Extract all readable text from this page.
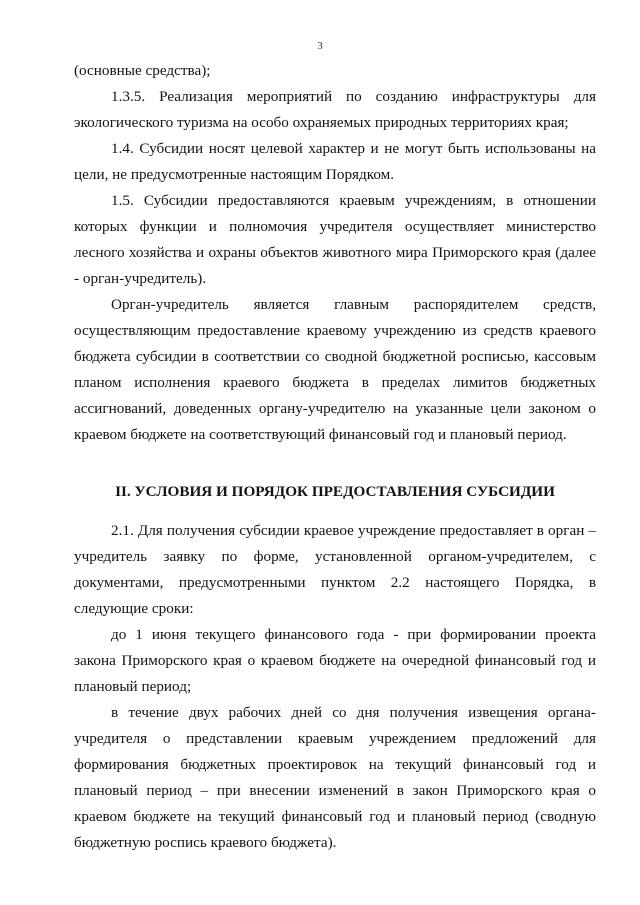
3
(основные средства);
1.3.5. Реализация мероприятий по созданию инфраструктуры для
экологического туризма на особо охраняемых природных территориях края;
1.4. Субсидии носят целевой характер и не могут быть использованы на
цели, не предусмотренные настоящим Порядком.
1.5. Субсидии предоставляются краевым учреждениям, в отношении
которых функции и полномочия учредителя осуществляет министерство
лесного хозяйства и охраны объектов животного мира Приморского края (далее
- орган-учредитель).
Орган-учредитель является главным распорядителем средств,
осуществляющим предоставление краевому учреждению из средств краевого
бюджета субсидии в соответствии со сводной бюджетной росписью, кассовым
планом исполнения краевого бюджета в пределах лимитов бюджетных
ассигнований, доведенных органу-учредителю на указанные цели законом о
краевом бюджете на соответствующий финансовый год и плановый период.
2.1. Для получения субсидии краевое учреждение предоставляет в орган –
учредитель заявку по форме, установленной органом-учредителем, с
документами, предусмотренными пунктом 2.2 настоящего Порядка, в
следующие сроки:
до 1 июня текущего финансового года - при формировании проекта
закона Приморского края о краевом бюджете на очередной финансовый год и
плановый период;
в течение двух рабочих дней со дня получения извещения органа-
учредителя о представлении краевым учреждением предложений для
формирования бюджетных проектировок на текущий финансовый год и
плановый период – при внесении изменений в закон Приморского края о
краевом бюджете на текущий финансовый год и плановый период (сводную
бюджетную роспись краевого бюджета).
II. УСЛОВИЯ И ПОРЯДОК ПРЕДОСТАВЛЕНИЯ СУБСИДИИ
